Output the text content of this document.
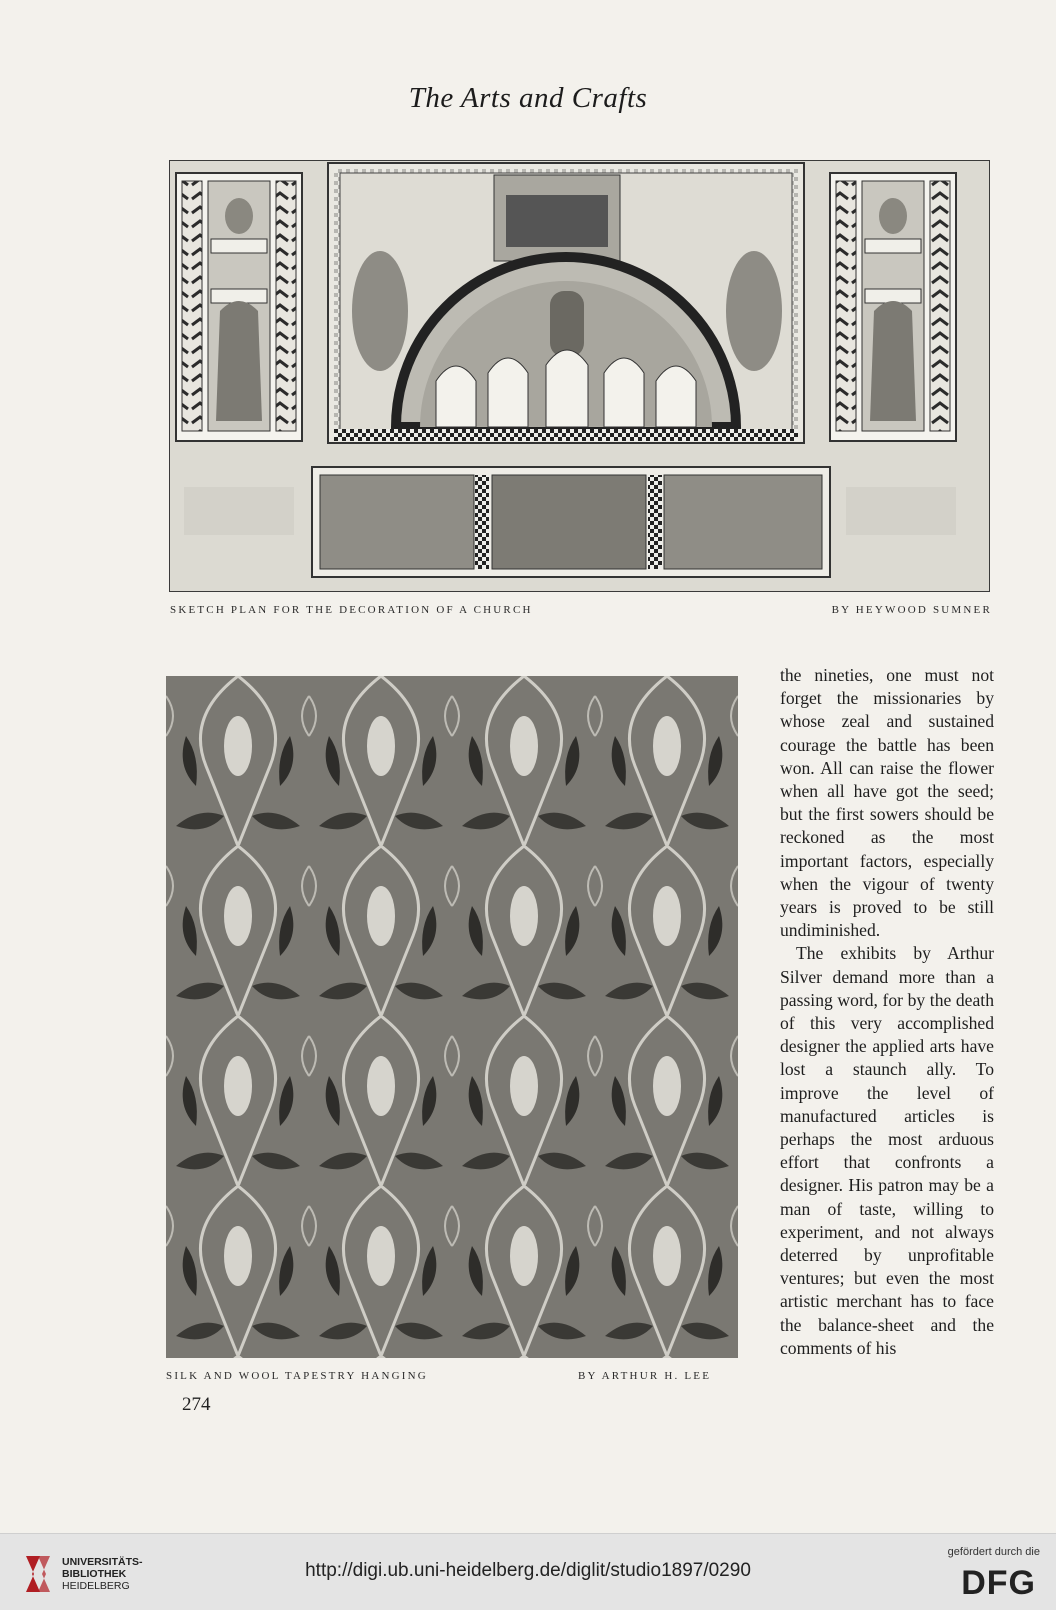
The Arts and Crafts
SKETCH PLAN FOR THE DECORATION OF A CHURCH	BY HEYWOOD SUMNER
SILK AND WOOL TAPESTRY HANGING	BY ARTHUR H. LEE

the nineties, one must not forget the missionaries by whose zeal and sustained courage the battle has been won. All can raise the flower when all have got the seed; but the first sowers should be reckoned as the most important factors, especially when the vigour of twenty years is proved to be still undiminished.

The exhibits by Arthur Silver demand more than a passing word, for by the death of this very accomplished designer the applied arts have lost a staunch ally. To improve the level of manufactured articles is perhaps the most arduous effort that confronts a designer. His patron may be a man of taste, willing to experiment, and not always deterred by unprofitable ventures; but even the most artistic merchant has to face the balance-sheet and the comments of his

274
UNIVERSITÄTS-
BIBLIOTHEK
HEIDELBERG
http://digi.ub.uni-heidelberg.de/diglit/studio1897/0290
gefördert durch die
DFG
